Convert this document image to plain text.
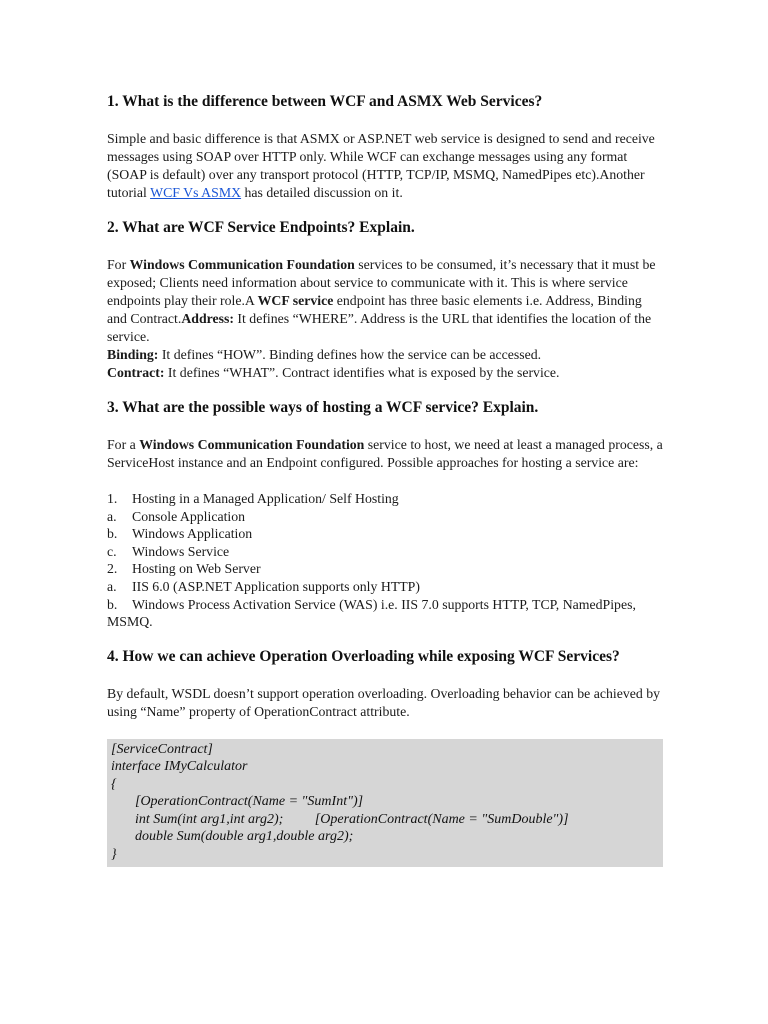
1. What is the difference between WCF and ASMX Web Services?

Simple and basic difference is that ASMX or ASP.NET web service is designed to send and receive messages using SOAP over HTTP only. While WCF can exchange messages using any format (SOAP is default) over any transport protocol (HTTP, TCP/IP, MSMQ, NamedPipes etc).Another tutorial WCF Vs ASMX has detailed discussion on it.

2. What are WCF Service Endpoints? Explain.

For Windows Communication Foundation services to be consumed, it’s necessary that it must be exposed; Clients need information about service to communicate with it. This is where service endpoints play their role.A WCF service endpoint has three basic elements i.e. Address, Binding and Contract.Address: It defines “WHERE”. Address is the URL that identifies the location of the service.

Binding: It defines “HOW”. Binding defines how the service can be accessed.

Contract: It defines “WHAT”. Contract identifies what is exposed by the service.

3. What are the possible ways of hosting a WCF service? Explain.

For a Windows Communication Foundation service to host, we need at least a managed process, a ServiceHost instance and an Endpoint configured. Possible approaches for hosting a service are:

1. Hosting in a Managed Application/ Self Hosting

a. Console Application

b. Windows Application

c. Windows Service

2. Hosting on Web Server

a. IIS 6.0 (ASP.NET Application supports only HTTP)

b. Windows Process Activation Service (WAS) i.e. IIS 7.0 supports HTTP, TCP, NamedPipes, MSMQ.

4. How we can achieve Operation Overloading while exposing WCF Services?

By default, WSDL doesn’t support operation overloading. Overloading behavior can be achieved by using “Name” property of OperationContract attribute.

[ServiceContract]

interface IMyCalculator

{

[OperationContract(Name = "SumInt")]

int Sum(int arg1,int arg2);         [OperationContract(Name = "SumDouble")]

double Sum(double arg1,double arg2);

}
